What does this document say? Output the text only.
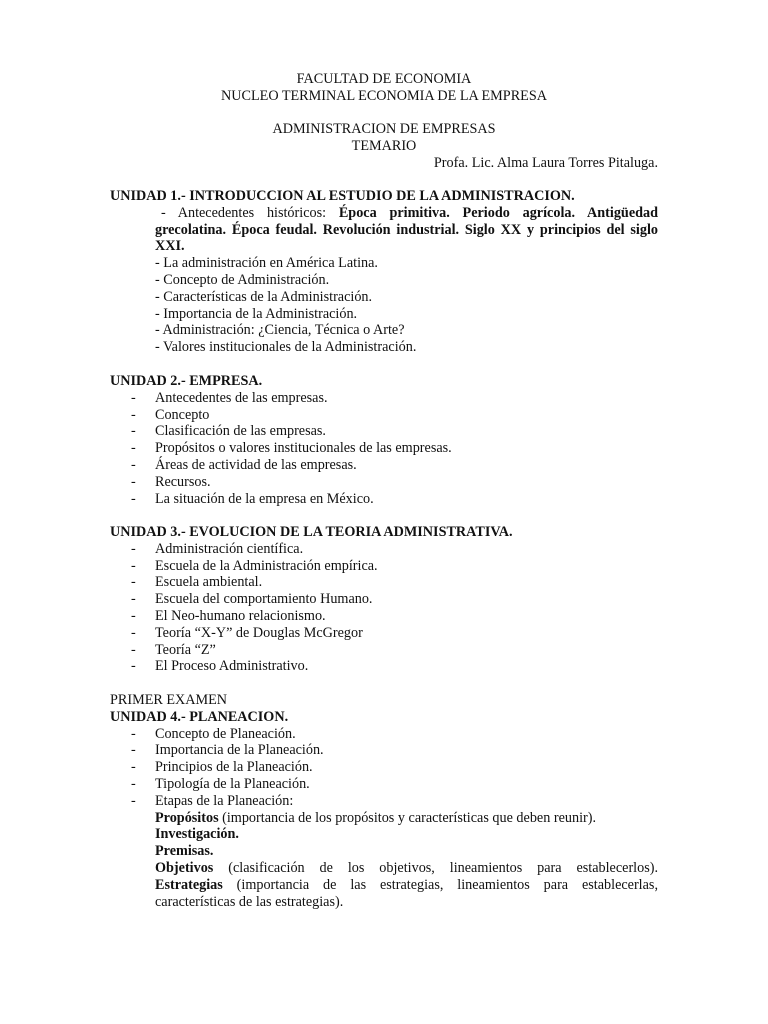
FACULTAD DE ECONOMIA
NUCLEO TERMINAL ECONOMIA DE LA EMPRESA
ADMINISTRACION DE EMPRESAS
TEMARIO
Profa. Lic. Alma Laura Torres Pitaluga.
UNIDAD 1.- INTRODUCCION AL ESTUDIO DE LA ADMINISTRACION.
- Antecedentes históricos: Época primitiva. Periodo agrícola. Antigüedad grecolatina. Época feudal. Revolución industrial. Siglo XX y principios del siglo XXI.
- La administración en América Latina.
- Concepto de Administración.
- Características de la Administración.
- Importancia de la Administración.
- Administración: ¿Ciencia, Técnica o Arte?
- Valores institucionales de la Administración.
UNIDAD 2.- EMPRESA.
- Antecedentes de las empresas.
- Concepto
- Clasificación de las empresas.
- Propósitos o valores institucionales de las empresas.
- Áreas de actividad de las empresas.
- Recursos.
- La situación de la empresa en México.
UNIDAD 3.- EVOLUCION DE LA TEORIA ADMINISTRATIVA.
- Administración científica.
- Escuela de la Administración empírica.
- Escuela ambiental.
- Escuela del comportamiento Humano.
- El Neo-humano relacionismo.
- Teoría “X-Y” de Douglas McGregor
- Teoría “Z”
- El Proceso Administrativo.
PRIMER EXAMEN
UNIDAD 4.- PLANEACION.
- Concepto de Planeación.
- Importancia de la Planeación.
- Principios de la Planeación.
- Tipología de la Planeación.
- Etapas de la Planeación:
Propósitos (importancia de los propósitos y características que deben reunir).
Investigación.
Premisas.
Objetivos (clasificación de los objetivos, lineamientos para establecerlos).
Estrategias (importancia de las estrategias, lineamientos para establecerlas, características de las estrategias).
